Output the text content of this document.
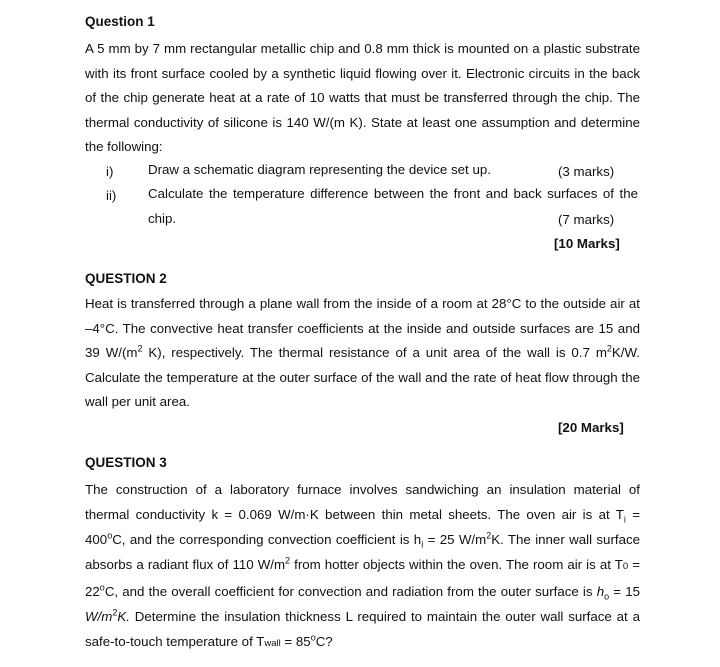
Question 1
A 5 mm by 7 mm rectangular metallic chip and 0.8 mm thick is mounted on a plastic substrate with its front surface cooled by a synthetic liquid flowing over it. Electronic circuits in the back of the chip generate heat at a rate of 10 watts that must be transferred through the chip. The thermal conductivity of silicone is 140 W/(m K). State at least one assumption and determine the following:
i)	Draw a schematic diagram representing the device set up.	(3 marks)
ii) Calculate the temperature difference between the front and back surfaces of the chip.	(7 marks)
[10 Marks]
QUESTION 2
Heat is transferred through a plane wall from the inside of a room at 28°C to the outside air at –4°C. The convective heat transfer coefficients at the inside and outside surfaces are 15 and 39 $W/(m^2$ K), respectively. The thermal resistance of a unit area of the wall is 0.7 $m^2K/W$. Calculate the temperature at the outer surface of the wall and the rate of heat flow through the wall per unit area.
[20 Marks]
QUESTION 3
The construction of a laboratory furnace involves sandwiching an insulation material of thermal conductivity k = 0.069 W/m·K between thin metal sheets. The oven air is at $T_i = 400^oC$, and the corresponding convection coefficient is $h_i = 25$ $W/m^2K$. The inner wall surface absorbs a radiant flux of 110 $W/m^2$ from hotter objects within the oven. The room air is at $T0 = 22^oC$, and the overall coefficient for convection and radiation from the outer surface is $h_o = 15$ $W/m^2K$. Determine the insulation thickness L required to maintain the outer wall surface at a safe-to-touch temperature of Twall = $85^oC$?
